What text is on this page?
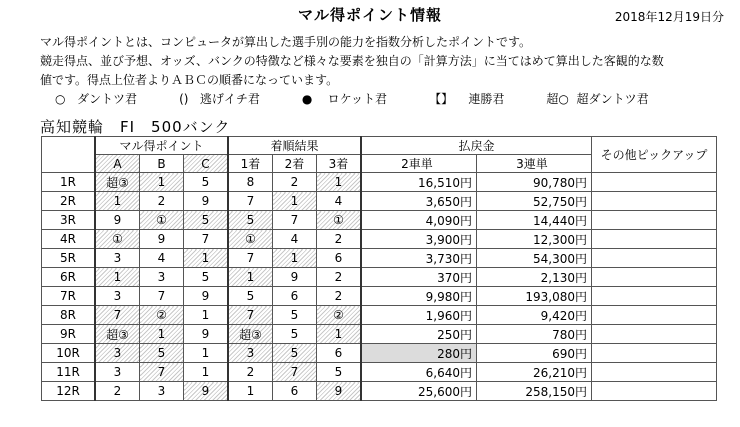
マル得ポイント情報	2018年12月19日分
マル得ポイントとは、コンピュータが算出した選手別の能力を指数分析したポイントです。
競走得点、並び予想、オッズ、バンクの特徴など様々な要素を独自の「計算方法」に当てはめて算出した客観的な数
値です。得点上位者よりＡＢＣの順番になっています。
○ ダントツ君	() 逃げイチ君	● ロケット君	【】 連勝君	超○ 超ダントツ君
高知競輪　FI　500バンク
	マル得ポイント			着順結果			払戻金		その他ピックアップ
	A	B	C	1着	2着	3着	2車単	3連単	
1R	超③	1	5	8	2	1	16,510円	90,780円	
2R	1	2	9	7	1	4	3,650円	52,750円	
3R	9	①	5	5	7	①	4,090円	14,440円	
4R	①	9	7	①	4	2	3,900円	12,300円	
5R	3	4	1	7	1	6	3,730円	54,300円	
6R	1	3	5	1	9	2	370円	2,130円	
7R	3	7	9	5	6	2	9,980円	193,080円	
8R	7	②	1	7	5	②	1,960円	9,420円	
9R	超③	1	9	超③	5	1	250円	780円	
10R	3	5	1	3	5	6	280円	690円	
11R	3	7	1	2	7	5	6,640円	26,210円	
12R	2	3	9	1	6	9	25,600円	258,150円	
